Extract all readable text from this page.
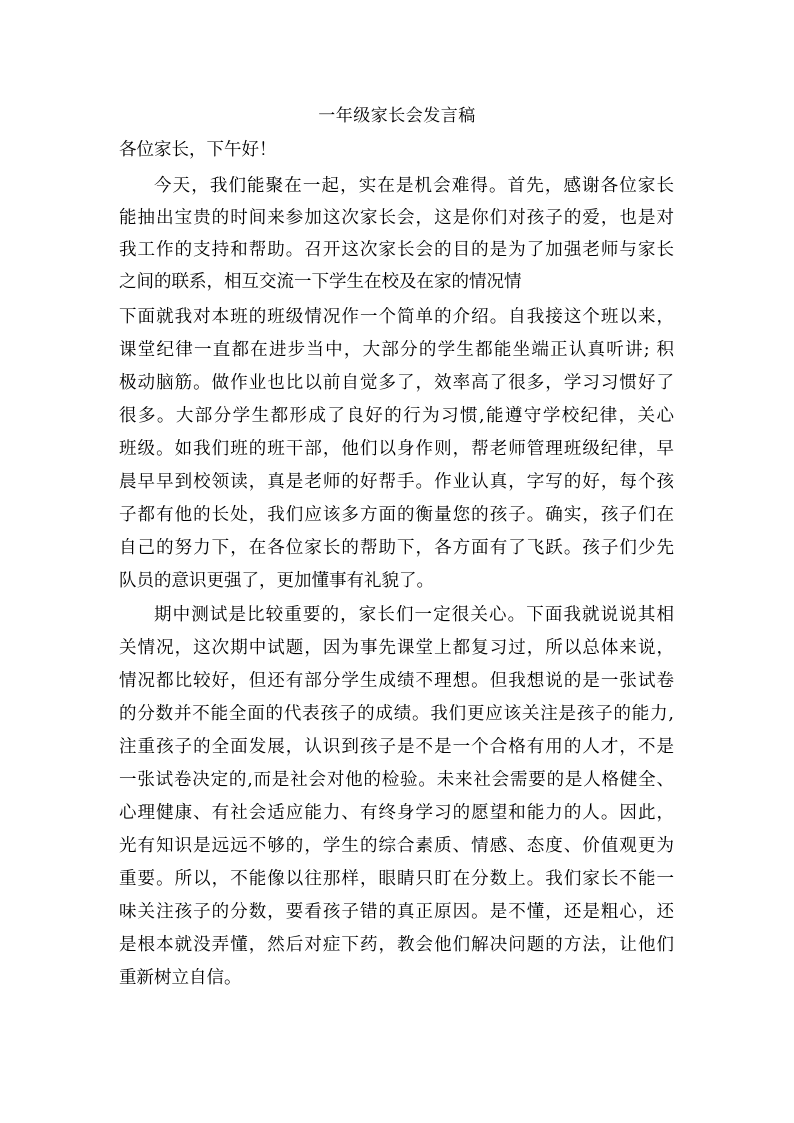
一年级家长会发言稿
各位家长，下午好！
今天，我们能聚在一起，实在是机会难得。首先，感谢各位家长
能抽出宝贵的时间来参加这次家长会，这是你们对孩子的爱，也是对
我工作的支持和帮助。召开这次家长会的目的是为了加强老师与家长
之间的联系，相互交流一下学生在校及在家的情况情
下面就我对本班的班级情况作一个简单的介绍。自我接这个班以来，
课堂纪律一直都在进步当中，大部分的学生都能坐端正认真听讲; 积
极动脑筋。做作业也比以前自觉多了，效率高了很多，学习习惯好了
很多。大部分学生都形成了良好的行为习惯,能遵守学校纪律，关心
班级。如我们班的班干部，他们以身作则，帮老师管理班级纪律，早
晨早早到校领读，真是老师的好帮手。作业认真，字写的好，每个孩
子都有他的长处，我们应该多方面的衡量您的孩子。确实，孩子们在
自己的努力下，在各位家长的帮助下，各方面有了飞跃。孩子们少先
队员的意识更强了，更加懂事有礼貌了。
期中测试是比较重要的，家长们一定很关心。下面我就说说其相
关情况，这次期中试题，因为事先课堂上都复习过，所以总体来说，
情况都比较好，但还有部分学生成绩不理想。但我想说的是一张试卷
的分数并不能全面的代表孩子的成绩。我们更应该关注是孩子的能力,
注重孩子的全面发展，认识到孩子是不是一个合格有用的人才，不是
一张试卷决定的,而是社会对他的检验。未来社会需要的是人格健全、
心理健康、有社会适应能力、有终身学习的愿望和能力的人。因此，
光有知识是远远不够的，学生的综合素质、情感、态度、价值观更为
重要。所以，不能像以往那样，眼睛只盯在分数上。我们家长不能一
味关注孩子的分数，要看孩子错的真正原因。是不懂，还是粗心，还
是根本就没弄懂，然后对症下药，教会他们解决问题的方法，让他们
重新树立自信。
